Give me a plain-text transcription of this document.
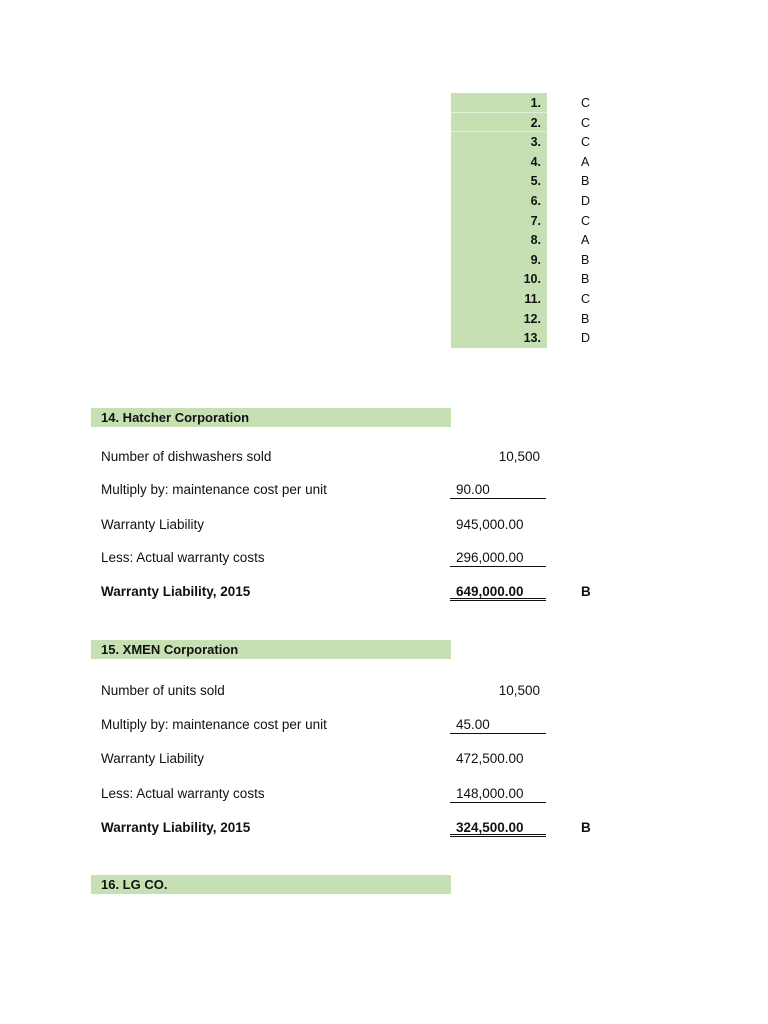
1.	C
2.	C
3.	C
4.	A
5.	B
6.	D
7.	C
8.	A
9.	B
10.	B
11.	C
12.	B
13.	D
14. Hatcher Corporation
Number of dishwashers sold	10,500
Multiply by: maintenance cost per unit	90.00
Warranty Liability	945,000.00
Less: Actual warranty costs	296,000.00
Warranty Liability, 2015	649,000.00	B
15. XMEN Corporation
Number of units sold	10,500
Multiply by: maintenance cost per unit	45.00
Warranty Liability	472,500.00
Less: Actual warranty costs	148,000.00
Warranty Liability, 2015	324,500.00	B
16. LG CO.
